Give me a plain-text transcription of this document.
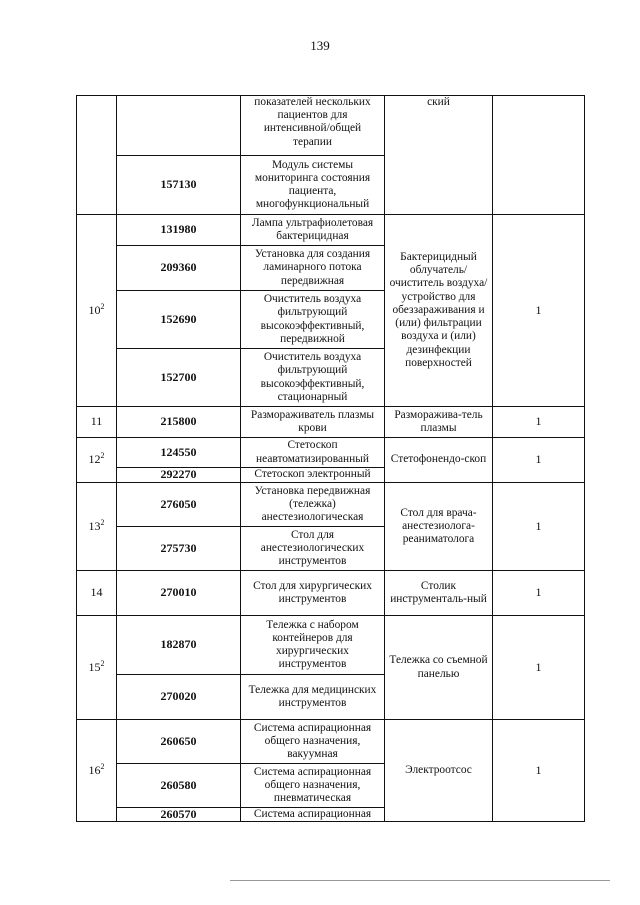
139
		показателей нескольких пациентов для интенсивной/общей терапии	ский	
	157130	Модуль системы мониторинга состояния пациента, многофункциональный		
$10^2$	131980	Лампа ультрафиолетовая бактерицидная	Бактерицидный облучатель/ очиститель воздуха/ устройство для обеззараживания и (или) фильтрации воздуха и (или) дезинфекции поверхностей	1
	209360	Установка для создания ламинарного потока передвижная		
	152690	Очиститель воздуха фильтрующий высокоэффективный, передвижной		
	152700	Очиститель воздуха фильтрующий высокоэффективный, стационарный		
11	215800	Размораживатель плазмы крови	Разморажива-тель плазмы	1
$12^2$	124550	Стетоскоп неавтоматизированный	Стетофонендо-скоп	1
	292270	Стетоскоп электронный		
$13^2$	276050	Установка передвижная (тележка) анестезиологическая	Стол для врача-анестезиолога-реаниматолога	1
	275730	Стол для анестезиологических инструментов		
14	270010	Стол для хирургических инструментов	Столик инструменталь-ный	1
$15^2$	182870	Тележка с набором контейнеров для хирургических инструментов	Тележка со съемной панелью	1
	270020	Тележка для медицинских инструментов		
$16^2$	260650	Система аспирационная общего назначения, вакуумная	Электроотсос	1
	260580	Система аспирационная общего назначения, пневматическая		
	260570	Система аспирационная		
